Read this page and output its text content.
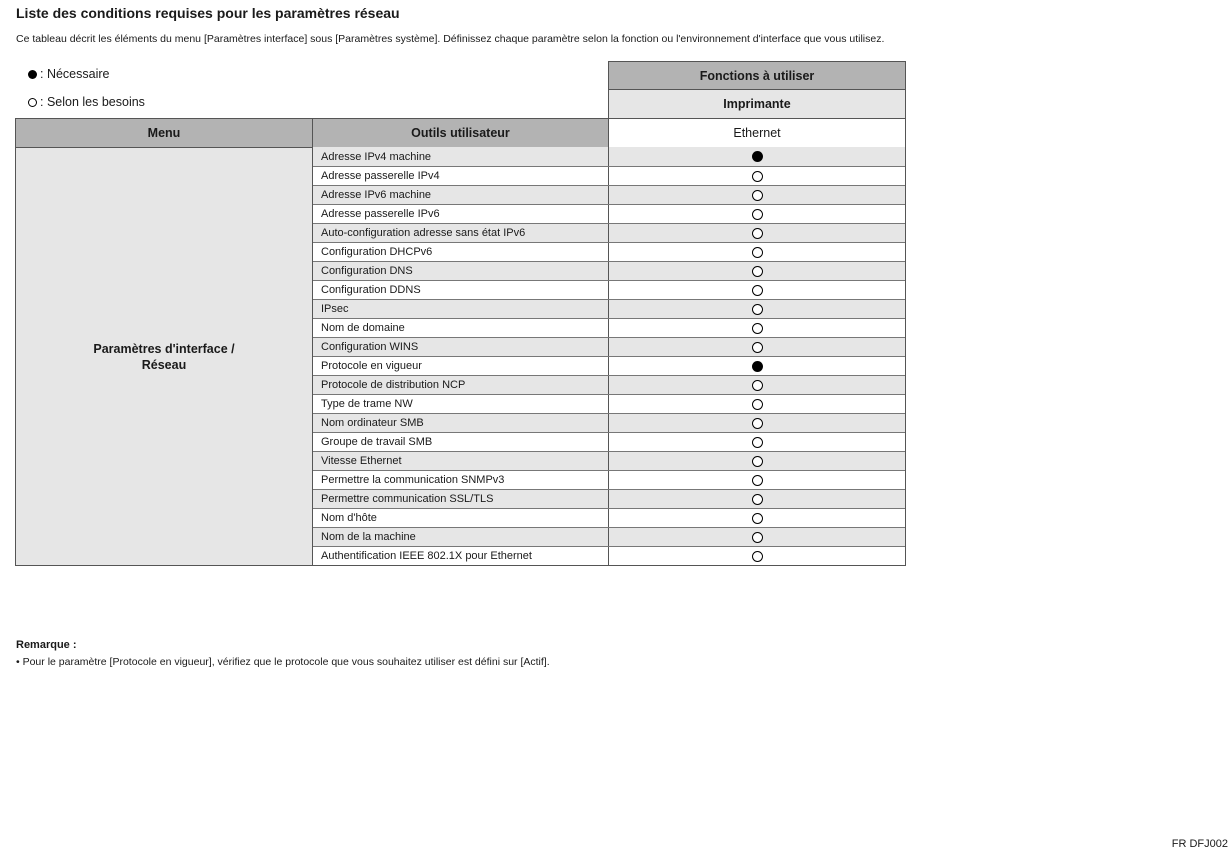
Liste des conditions requises pour les paramètres réseau

Ce tableau décrit les éléments du menu [Paramètres interface] sous [Paramètres système]. Définissez chaque paramètre selon la fonction ou l'environnement d'interface que vous utilisez.

: Nécessaire
: Selon les besoins
Fonctions à utiliser
Imprimante
Menu	Outils utilisateur	Ethernet
Paramètres d'interface /
Réseau
Adresse IPv4 machine
Adresse passerelle IPv4
Adresse IPv6 machine
Adresse passerelle IPv6
Auto-configuration adresse sans état IPv6
Configuration DHCPv6
Configuration DNS
Configuration DDNS
IPsec
Nom de domaine
Configuration WINS
Protocole en vigueur
Protocole de distribution NCP
Type de trame NW
Nom ordinateur SMB
Groupe de travail SMB
Vitesse Ethernet
Permettre la communication SNMPv3
Permettre communication SSL/TLS
Nom d'hôte
Nom de la machine
Authentification IEEE 802.1X pour Ethernet

Remarque :

• Pour le paramètre [Protocole en vigueur], vérifiez que le protocole que vous souhaitez utiliser est défini sur [Actif].

FR DFJ002
